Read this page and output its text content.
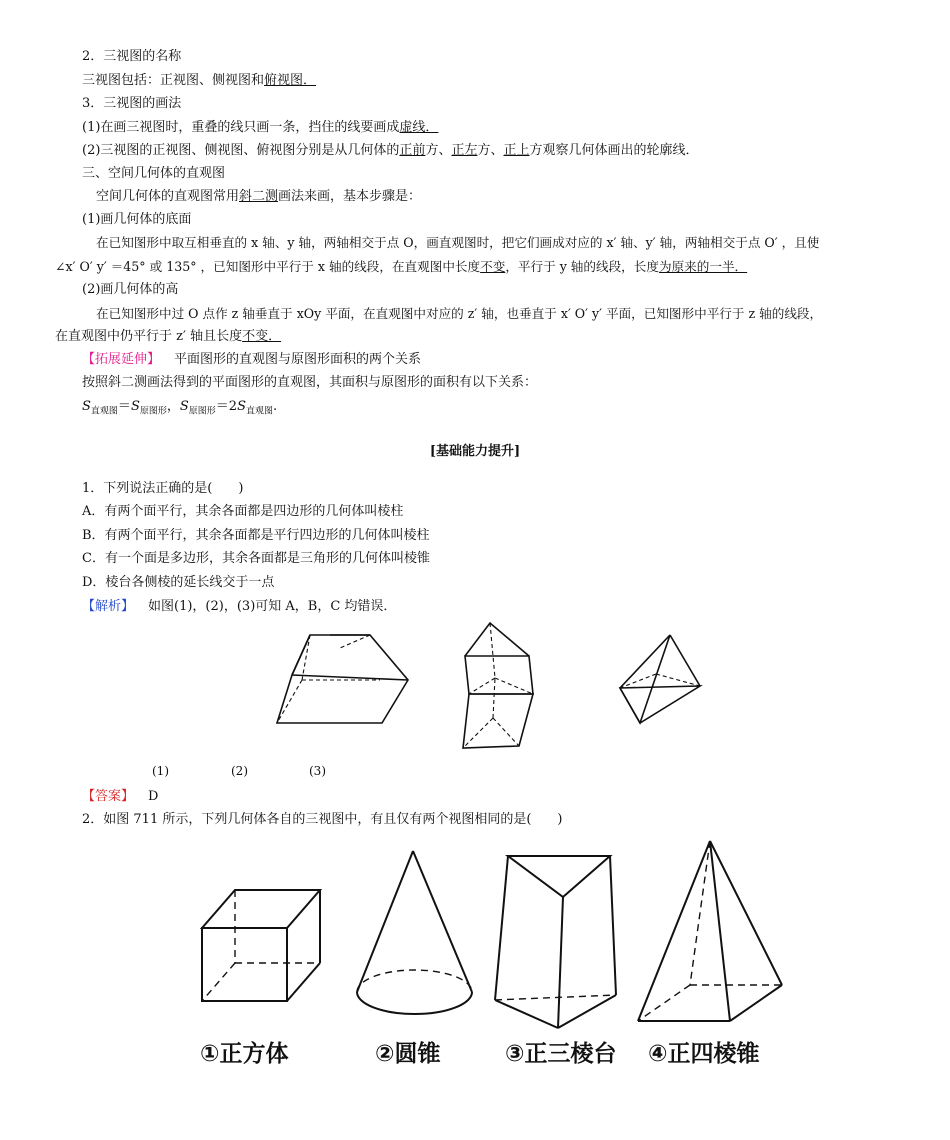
2．三视图的名称
三视图包括：正视图、侧视图和俯视图．
3．三视图的画法
(1)在画三视图时，重叠的线只画一条，挡住的线要画成虚线．
(2)三视图的正视图、侧视图、俯视图分别是从几何体的正前方、正左方、正上方观察几何体画出的轮廓线．
三、空间几何体的直观图
空间几何体的直观图常用斜二测画法来画，基本步骤是：
(1)画几何体的底面
在已知图形中取互相垂直的 x 轴、y 轴，两轴相交于点 O，画直观图时，把它们画成对应的 x′ 轴、y′ 轴，两轴相交于点 O′ ，且使
∠x′ O′ y′ ＝45° 或 135° ，已知图形中平行于 x 轴的线段，在直观图中长度不变，平行于 y 轴的线段，长度为原来的一半．
(2)画几何体的高
在已知图形中过 O 点作 z 轴垂直于 xOy 平面，在直观图中对应的 z′ 轴，也垂直于 x′ O′ y′ 平面，已知图形中平行于 z 轴的线段，
在直观图中仍平行于 z′ 轴且长度不变．
【拓展延伸】 平面图形的直观图与原图形面积的两个关系
按照斜二测画法得到的平面图形的直观图，其面积与原图形的面积有以下关系：
$S_{直观图}=S_{原图形}$，$S_{原图形}=2S_{直观图}$.
[基础能力提升]
1．下列说法正确的是(　　)
A．有两个面平行，其余各面都是四边形的几何体叫棱柱
B．有两个面平行，其余各面都是平行四边形的几何体叫棱柱
C．有一个面是多边形，其余各面都是三角形的几何体叫棱锥
D．棱台各侧棱的延长线交于一点
【解析】 如图(1)，(2)，(3)可知 A，B，C 均错误．
(1)	(2)	(3)
【答案】 D
2．如图 711 所示，下列几何体各自的三视图中，有且仅有两个视图相同的是(　　)
①正方体	②圆锥	③正三棱台 ④正四棱锥
